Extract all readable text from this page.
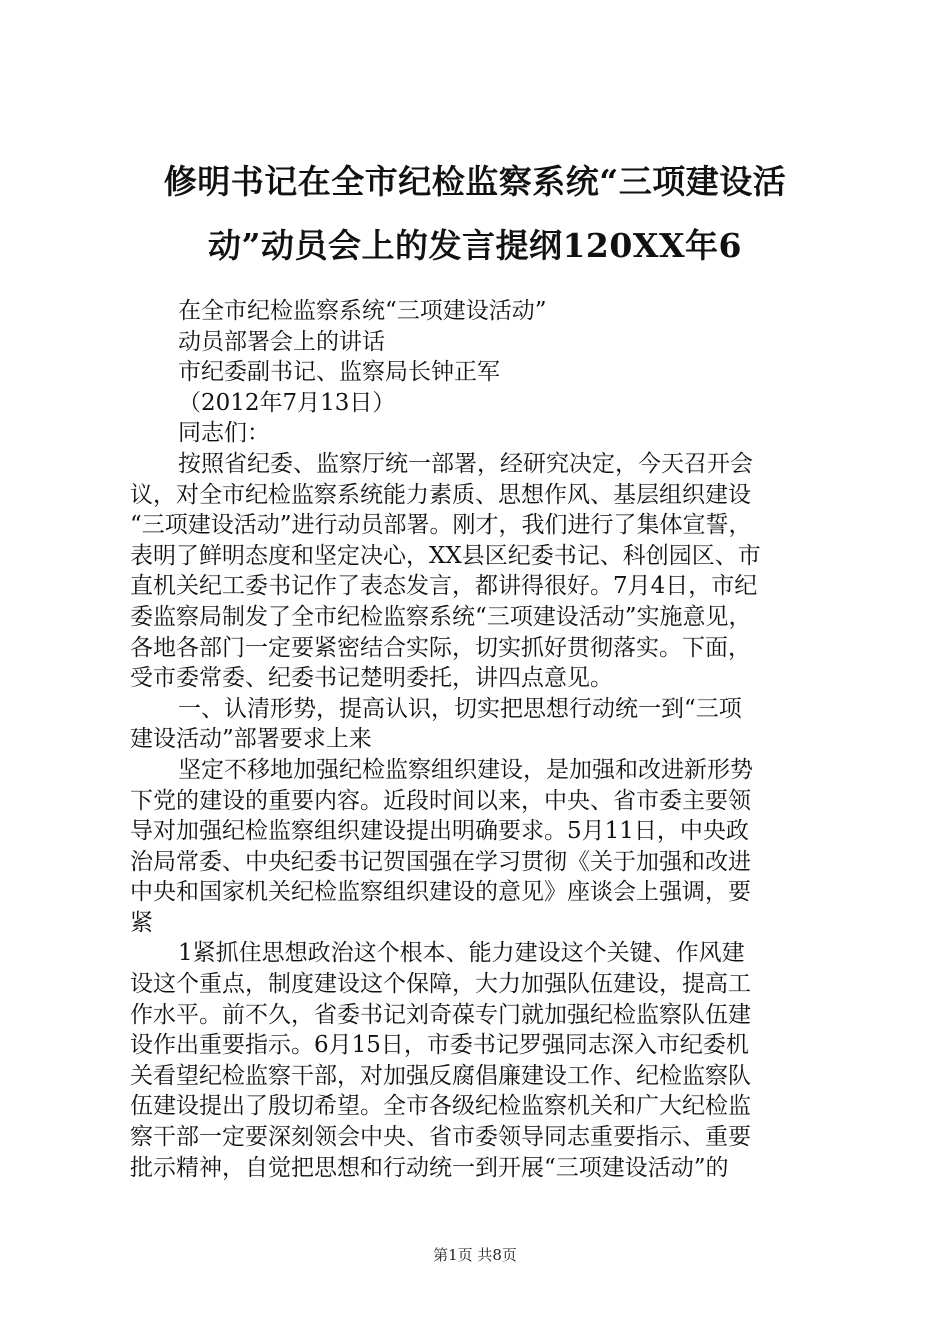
修明书记在全市纪检监察系统“三项建设活
动”动员会上的发言提纲120XX年6
在全市纪检监察系统“三项建设活动”
动员部署会上的讲话
市纪委副书记、监察局长钟正军
（2012年7月13日）
同志们：
按照省纪委、监察厅统一部署，经研究决定，今天召开会
议，对全市纪检监察系统能力素质、思想作风、基层组织建设
“三项建设活动”进行动员部署。刚才，我们进行了集体宣誓，
表明了鲜明态度和坚定决心，XX县区纪委书记、科创园区、市
直机关纪工委书记作了表态发言，都讲得很好。7月4日，市纪
委监察局制发了全市纪检监察系统“三项建设活动”实施意见，
各地各部门一定要紧密结合实际，切实抓好贯彻落实。下面，
受市委常委、纪委书记楚明委托，讲四点意见。
一、认清形势，提高认识，切实把思想行动统一到“三项
建设活动”部署要求上来
坚定不移地加强纪检监察组织建设，是加强和改进新形势
下党的建设的重要内容。近段时间以来，中央、省市委主要领
导对加强纪检监察组织建设提出明确要求。5月11日，中央政
治局常委、中央纪委书记贺国强在学习贯彻《关于加强和改进
中央和国家机关纪检监察组织建设的意见》座谈会上强调，要
紧
1紧抓住思想政治这个根本、能力建设这个关键、作风建
设这个重点，制度建设这个保障，大力加强队伍建设，提高工
作水平。前不久，省委书记刘奇葆专门就加强纪检监察队伍建
设作出重要指示。6月15日，市委书记罗强同志深入市纪委机
关看望纪检监察干部，对加强反腐倡廉建设工作、纪检监察队
伍建设提出了殷切希望。全市各级纪检监察机关和广大纪检监
察干部一定要深刻领会中央、省市委领导同志重要指示、重要
批示精神，自觉把思想和行动统一到开展“三项建设活动”的
第1页 共8页
